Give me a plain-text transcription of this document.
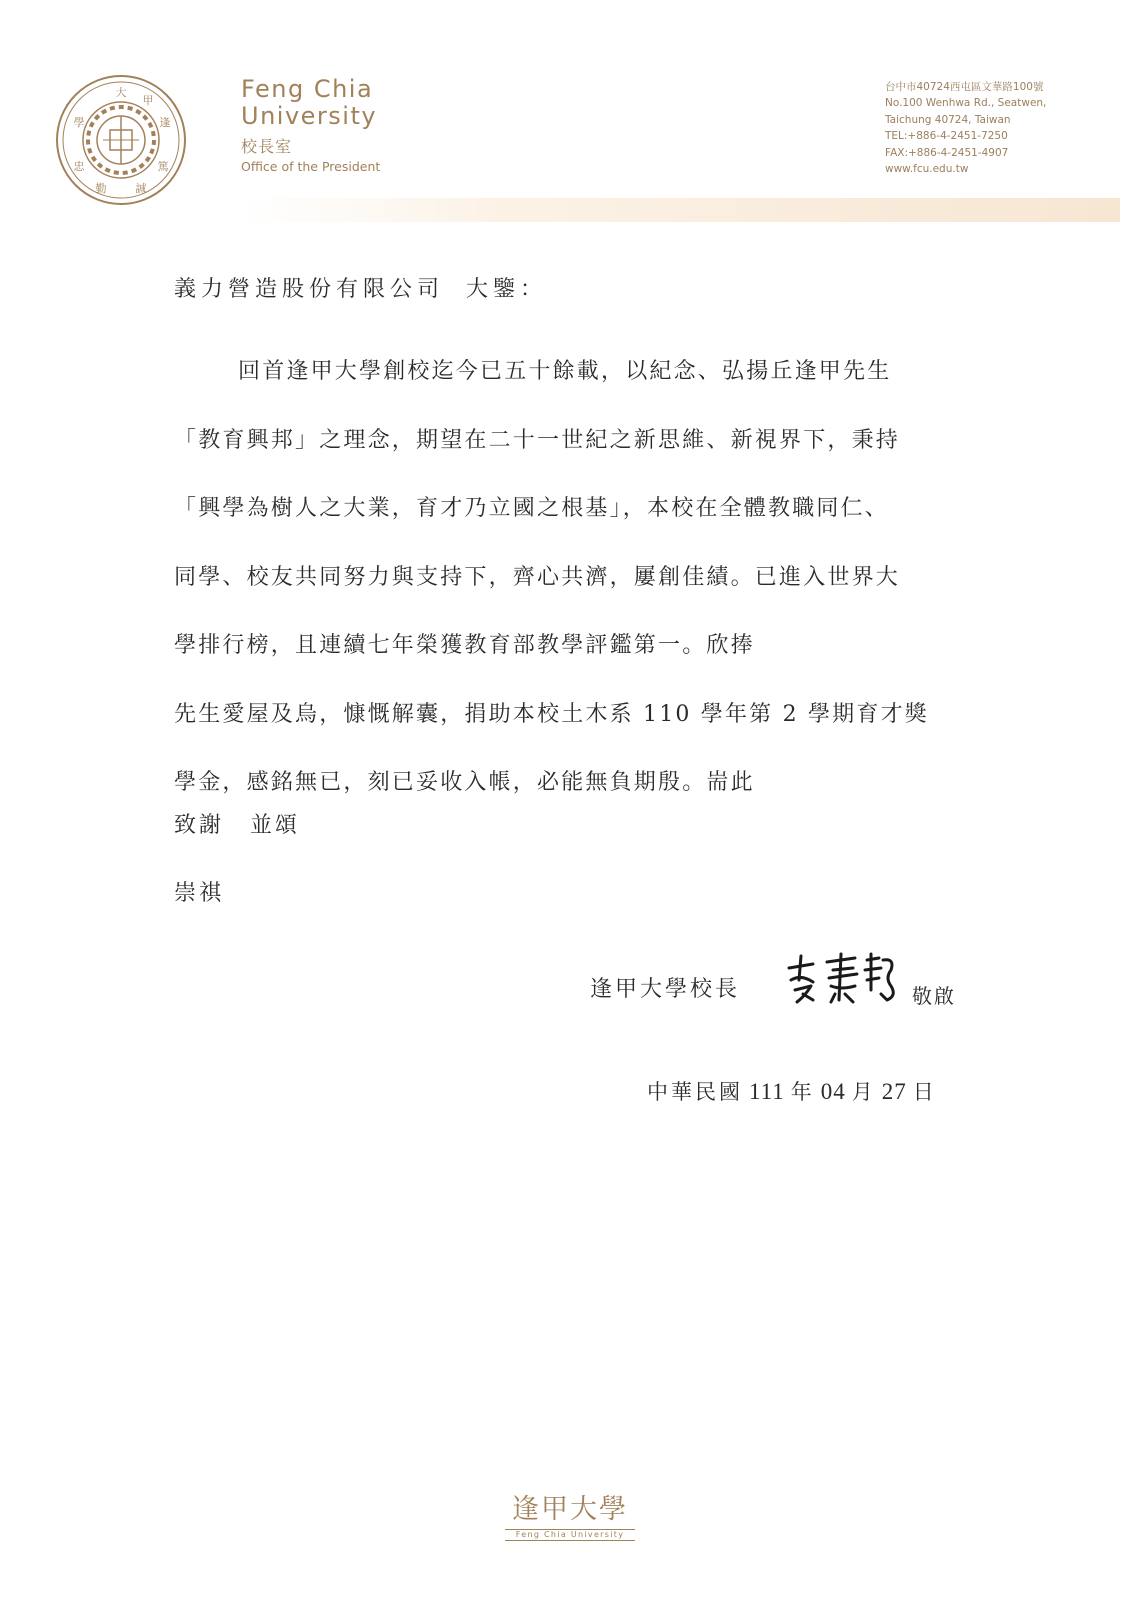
大
甲
逢
學
忠
勤	誠
篤
Feng Chia
University
校長室
Office of the President
台中市40724西屯區文華路100號
No.100 Wenhwa Rd., Seatwen,
Taichung 40724, Taiwan
TEL:+886-4-2451-7250
FAX:+886-4-2451-4907
www.fcu.edu.tw
義力營造股份有限公司 大鑒：
回首逢甲大學創校迄今已五十餘載，以紀念、弘揚丘逢甲先生
「教育興邦」之理念，期望在二十一世紀之新思維、新視界下，秉持
「興學為樹人之大業，育才乃立國之根基」，本校在全體教職同仁、
同學、校友共同努力與支持下，齊心共濟，屢創佳績。已進入世界大
學排行榜，且連續七年榮獲教育部教學評鑑第一。欣捧
先生愛屋及烏，慷慨解囊，捐助本校土木系 110 學年第 2 學期育才獎
學金，感銘無已，刻已妥收入帳，必能無負期殷。耑此
致謝 並頌
崇祺
逢甲大學校長
李秉乾
敬啟
中華民國 111 年 04 月 27 日
逢甲大學
Feng Chia University
